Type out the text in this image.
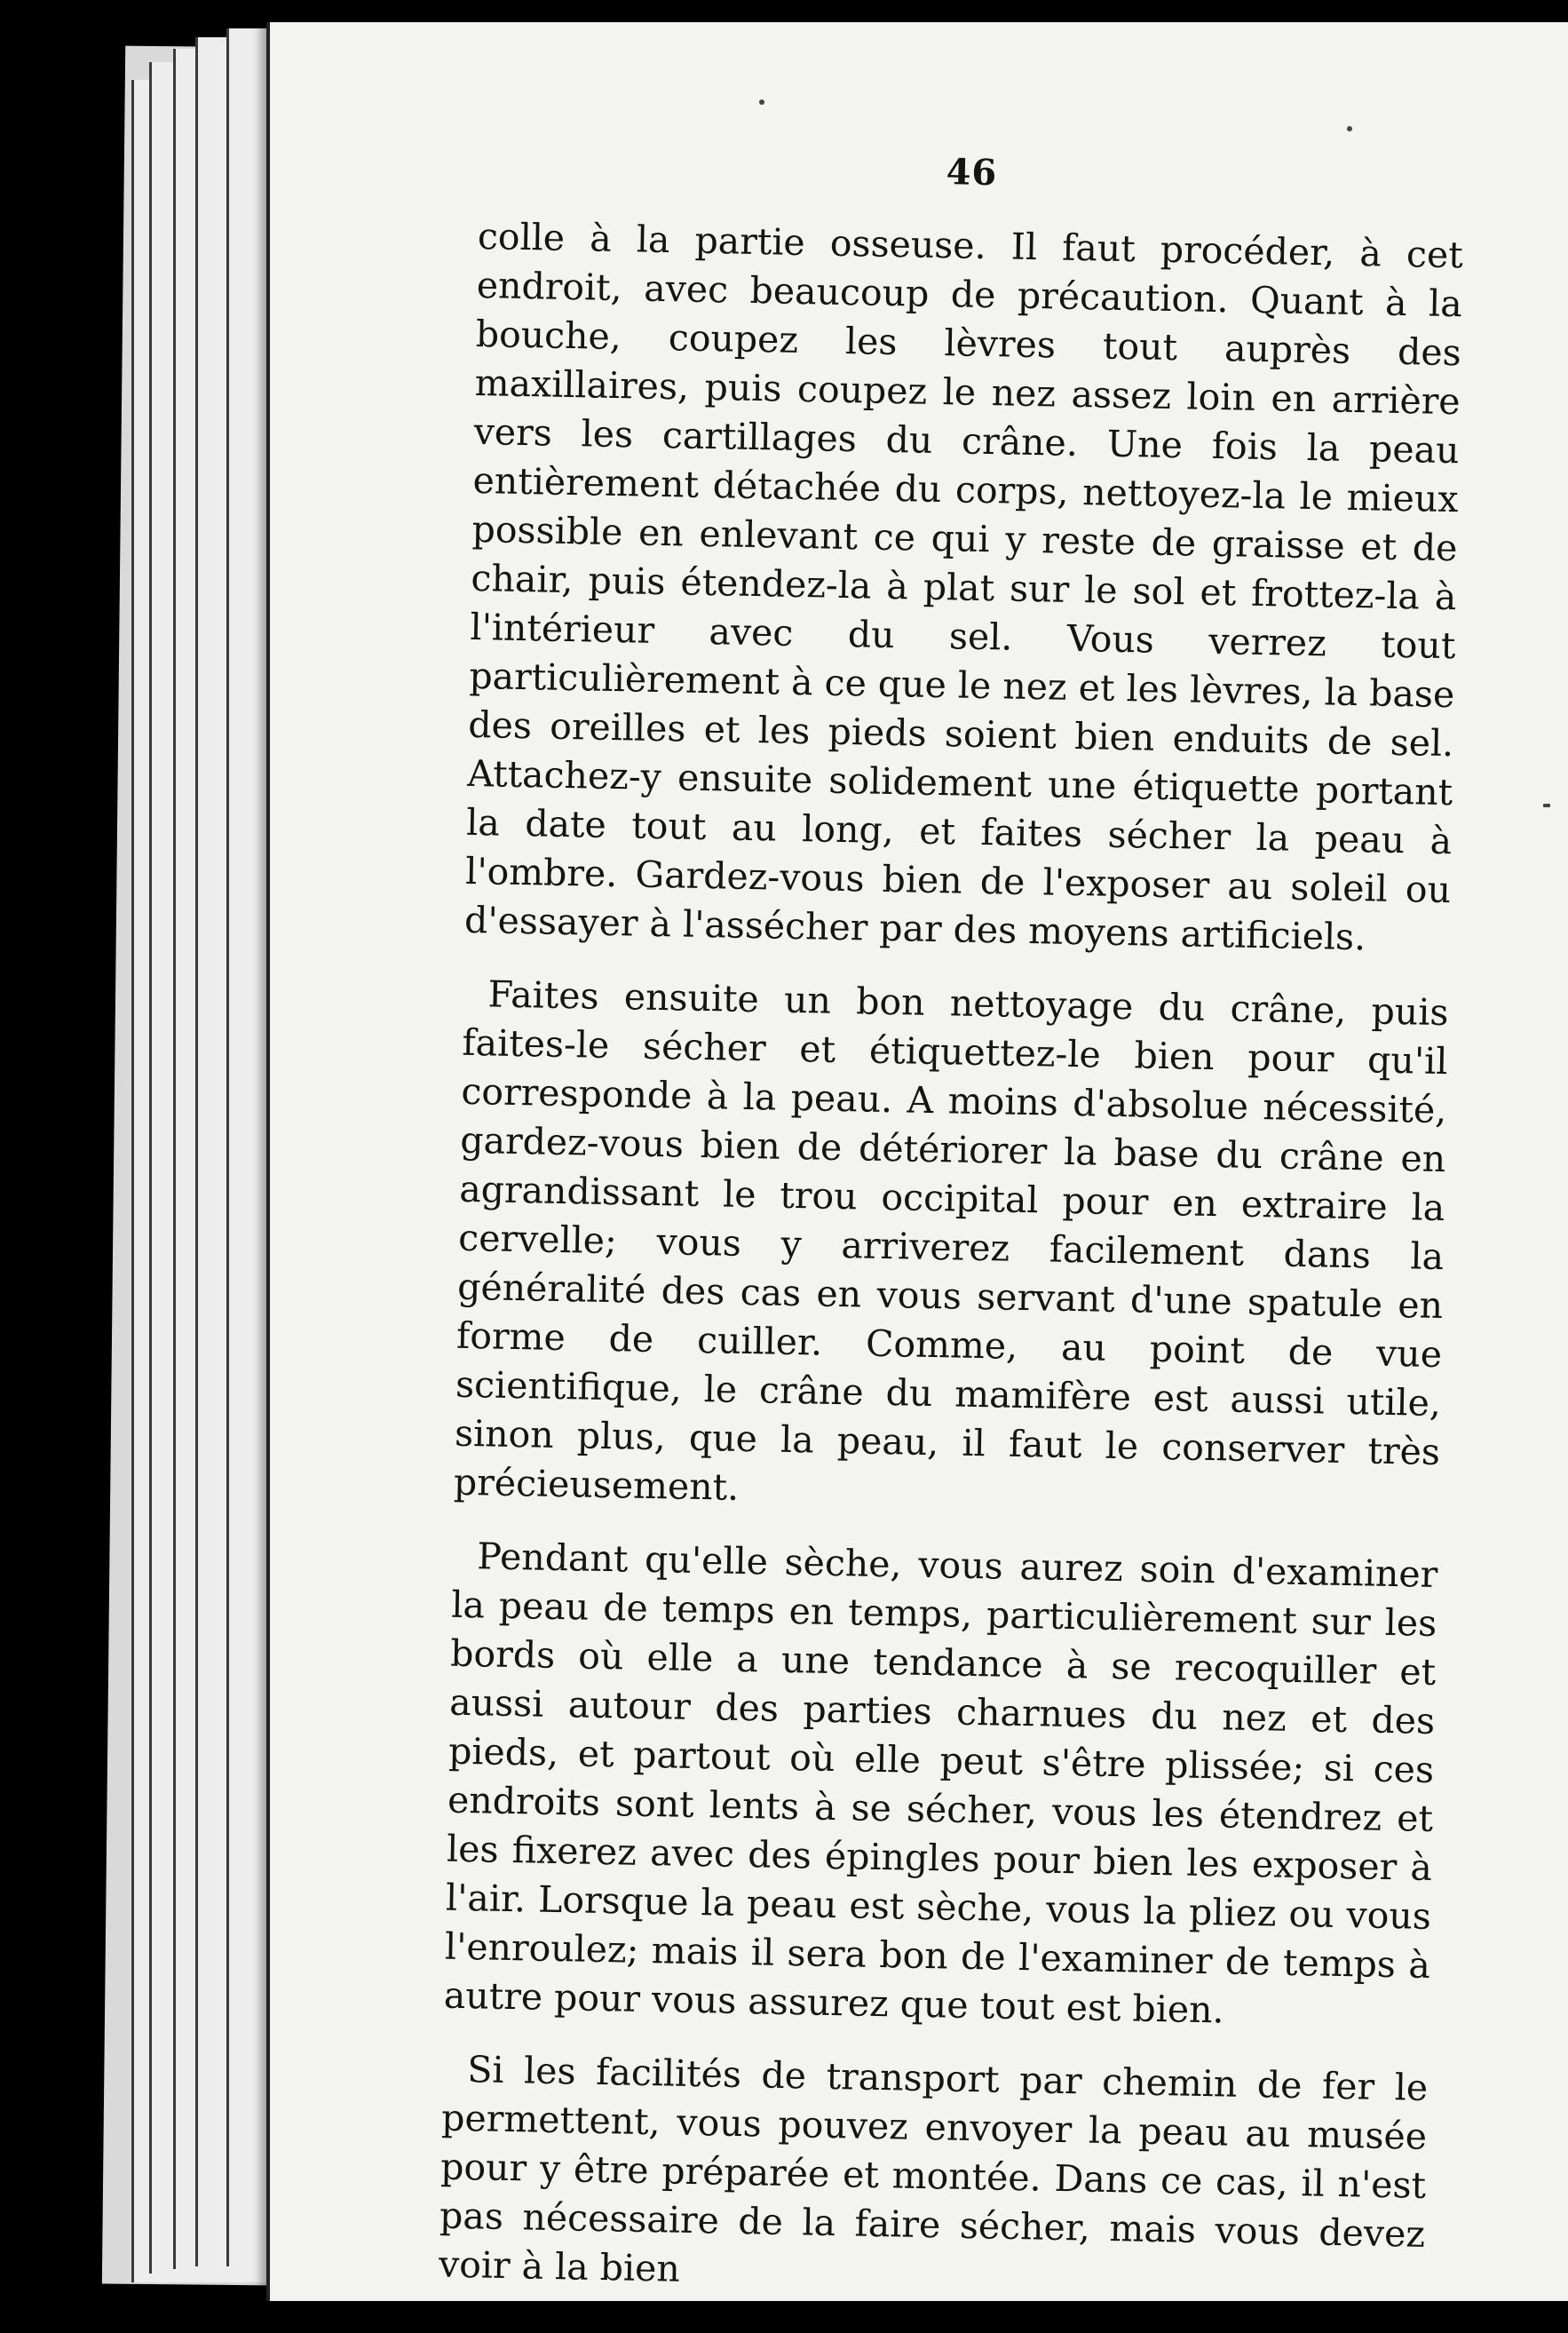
46

colle à la partie osseuse. Il faut procéder, à cet endroit, avec beaucoup de précaution. Quant à la bouche, coupez les lèvres tout auprès des maxillaires, puis coupez le nez assez loin en arrière vers les cartillages du crâne. Une fois la peau entièrement détachée du corps, nettoyez-la le mieux possible en enlevant ce qui y reste de graisse et de chair, puis étendez-la à plat sur le sol et frottez-la à l'intérieur avec du sel. Vous verrez tout particulièrement à ce que le nez et les lèvres, la base des oreilles et les pieds soient bien enduits de sel. Attachez-y ensuite solidement une étiquette portant la date tout au long, et faites sécher la peau à l'ombre. Gardez-vous bien de l'exposer au soleil ou d'essayer à l'assécher par des moyens artificiels.

Faites ensuite un bon nettoyage du crâne, puis faites-le sécher et étiquettez-le bien pour qu'il corresponde à la peau. A moins d'absolue nécessité, gardez-vous bien de détériorer la base du crâne en agrandissant le trou occipital pour en extraire la cervelle; vous y arriverez facilement dans la généralité des cas en vous servant d'une spatule en forme de cuiller. Comme, au point de vue scientifique, le crâne du mamifère est aussi utile, sinon plus, que la peau, il faut le conserver très précieusement.

Pendant qu'elle sèche, vous aurez soin d'examiner la peau de temps en temps, particulièrement sur les bords où elle a une tendance à se recoquiller et aussi autour des parties charnues du nez et des pieds, et partout où elle peut s'être plissée; si ces endroits sont lents à se sécher, vous les étendrez et les fixerez avec des épingles pour bien les exposer à l'air. Lorsque la peau est sèche, vous la pliez ou vous l'enroulez; mais il sera bon de l'examiner de temps à autre pour vous assurez que tout est bien.

Si les facilités de transport par chemin de fer le permettent, vous pouvez envoyer la peau au musée pour y être préparée et montée. Dans ce cas, il n'est pas nécessaire de la faire sécher, mais vous devez voir à la bien
